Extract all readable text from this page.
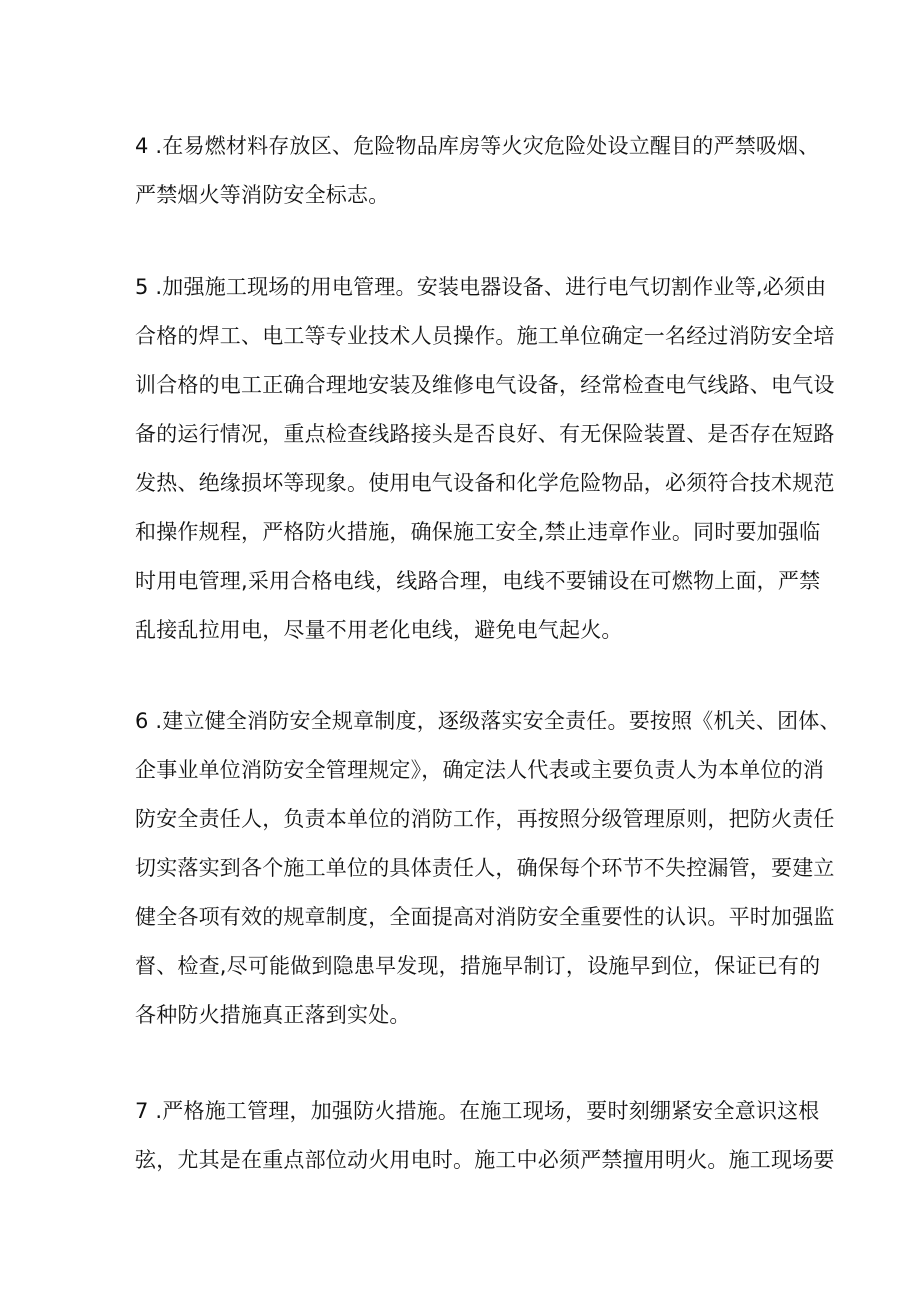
4 .在易燃材料存放区、危险物品库房等火灾危险处设立醒目的严禁吸烟、
严禁烟火等消防安全标志。
5 .加强施工现场的用电管理。安装电器设备、进行电气切割作业等,必须由
合格的焊工、电工等专业技术人员操作。施工单位确定一名经过消防安全培
训合格的电工正确合理地安装及维修电气设备，经常检查电气线路、电气设
备的运行情况，重点检查线路接头是否良好、有无保险装置、是否存在短路
发热、绝缘损坏等现象。使用电气设备和化学危险物品，必须符合技术规范
和操作规程，严格防火措施，确保施工安全,禁止违章作业。同时要加强临
时用电管理,采用合格电线，线路合理，电线不要铺设在可燃物上面，严禁
乱接乱拉用电，尽量不用老化电线，避免电气起火。
6 .建立健全消防安全规章制度，逐级落实安全责任。要按照《机关、团体、
企事业单位消防安全管理规定》，确定法人代表或主要负责人为本单位的消
防安全责任人，负责本单位的消防工作，再按照分级管理原则，把防火责任
切实落实到各个施工单位的具体责任人，确保每个环节不失控漏管，要建立
健全各项有效的规章制度，全面提高对消防安全重要性的认识。平时加强监
督、检查,尽可能做到隐患早发现，措施早制订，设施早到位，保证已有的
各种防火措施真正落到实处。
7 .严格施工管理，加强防火措施。在施工现场，要时刻绷紧安全意识这根
弦，尤其是在重点部位动火用电时。施工中必须严禁擅用明火。施工现场要
